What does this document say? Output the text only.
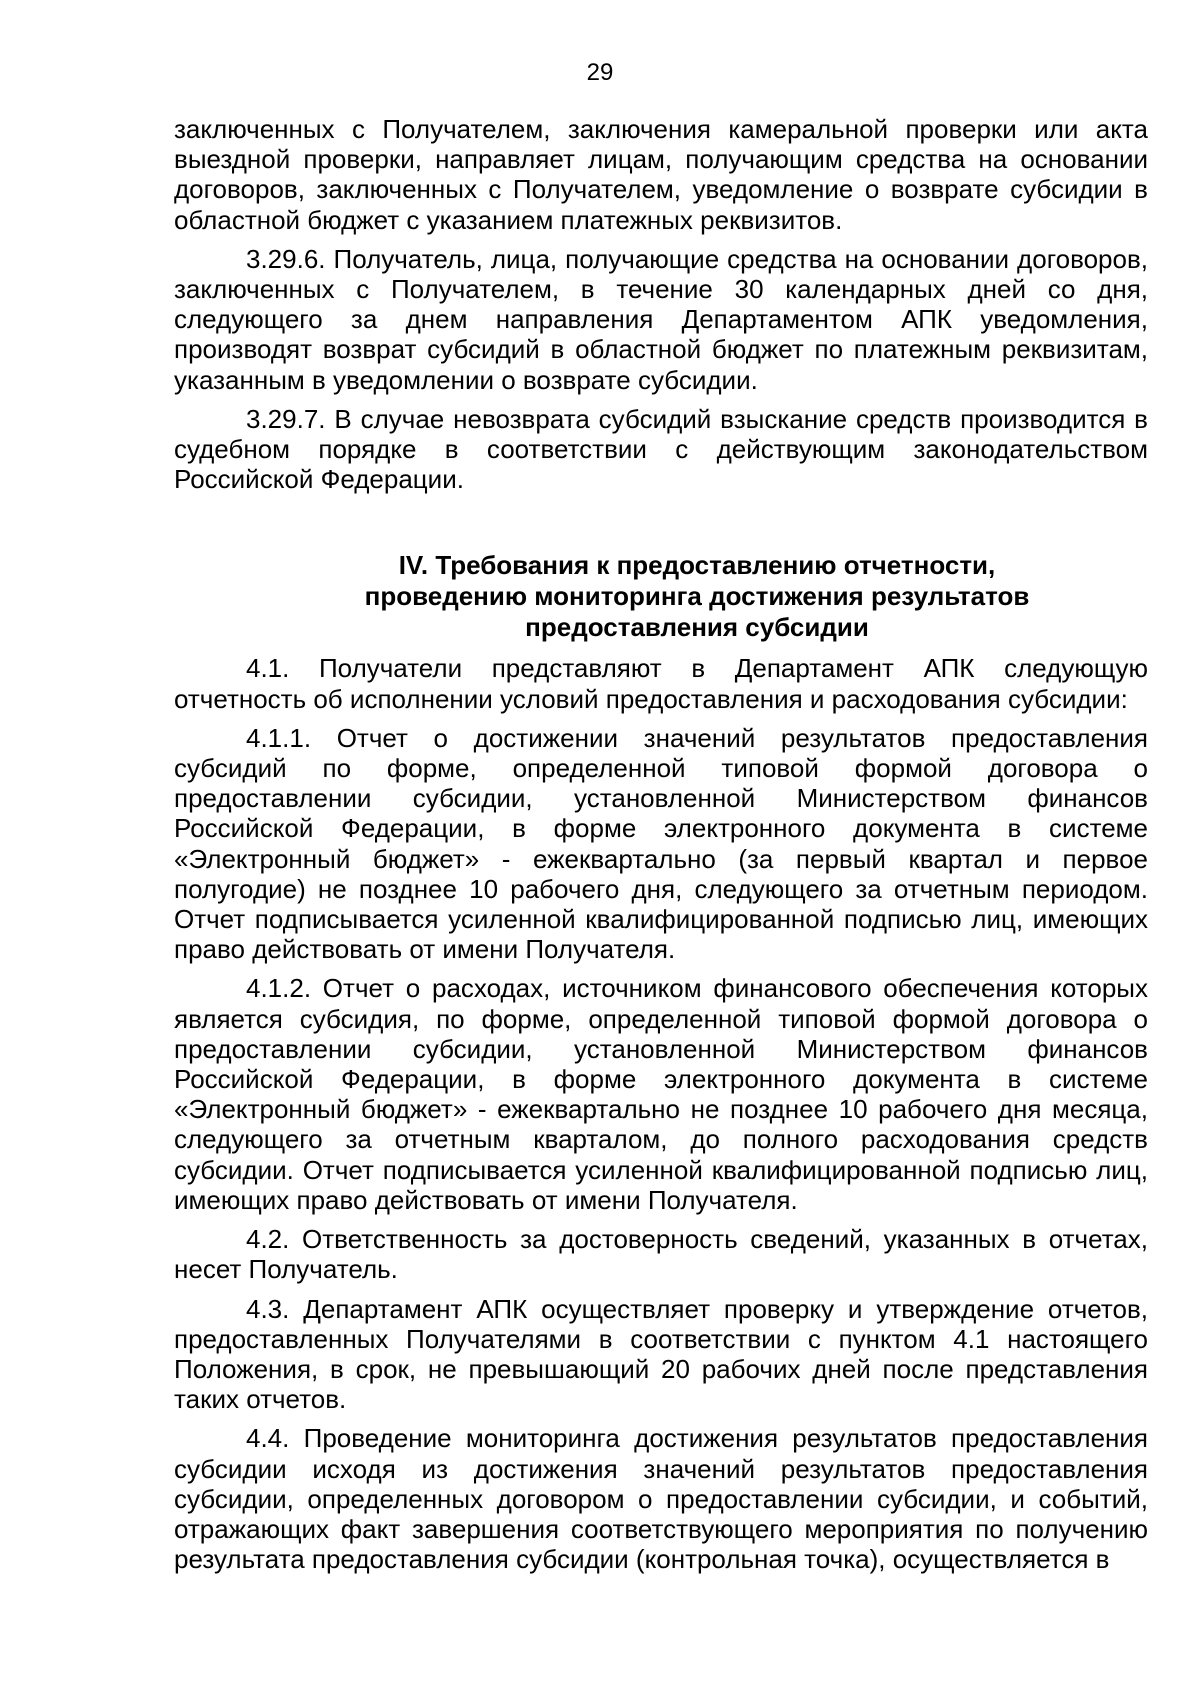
29

заключенных с Получателем, заключения камеральной проверки или акта выездной проверки, направляет лицам, получающим средства на основании договоров, заключенных с Получателем, уведомление о возврате субсидии в областной бюджет с указанием платежных реквизитов.

3.29.6. Получатель, лица, получающие средства на основании договоров, заключенных с Получателем, в течение 30 календарных дней со дня, следующего за днем направления Департаментом АПК уведомления, производят возврат субсидий в областной бюджет по платежным реквизитам, указанным в уведомлении о возврате субсидии.

3.29.7. В случае невозврата субсидий взыскание средств производится в судебном порядке в соответствии с действующим законодательством Российской Федерации.

IV. Требования к предоставлению отчетности,
проведению мониторинга достижения результатов
предоставления субсидии

4.1. Получатели представляют в Департамент АПК следующую отчетность об исполнении условий предоставления и расходования субсидии:

4.1.1. Отчет о достижении значений результатов предоставления субсидий по форме, определенной типовой формой договора о предоставлении субсидии, установленной Министерством финансов Российской Федерации, в форме электронного документа в системе «Электронный бюджет» - ежеквартально (за первый квартал и первое полугодие) не позднее 10 рабочего дня, следующего за отчетным периодом. Отчет подписывается усиленной квалифицированной подписью лиц, имеющих право действовать от имени Получателя.

4.1.2. Отчет о расходах, источником финансового обеспечения которых является субсидия, по форме, определенной типовой формой договора о предоставлении субсидии, установленной Министерством финансов Российской Федерации, в форме электронного документа в системе «Электронный бюджет» - ежеквартально не позднее 10 рабочего дня месяца, следующего за отчетным кварталом, до полного расходования средств субсидии. Отчет подписывается усиленной квалифицированной подписью лиц, имеющих право действовать от имени Получателя.

4.2. Ответственность за достоверность сведений, указанных в отчетах, несет Получатель.

4.3. Департамент АПК осуществляет проверку и утверждение отчетов, предоставленных Получателями в соответствии с пунктом 4.1 настоящего Положения, в срок, не превышающий 20 рабочих дней после представления таких отчетов.

4.4. Проведение мониторинга достижения результатов предоставления субсидии исходя из достижения значений результатов предоставления субсидии, определенных договором о предоставлении субсидии, и событий, отражающих факт завершения соответствующего мероприятия по получению результата предоставления субсидии (контрольная точка), осуществляется в
